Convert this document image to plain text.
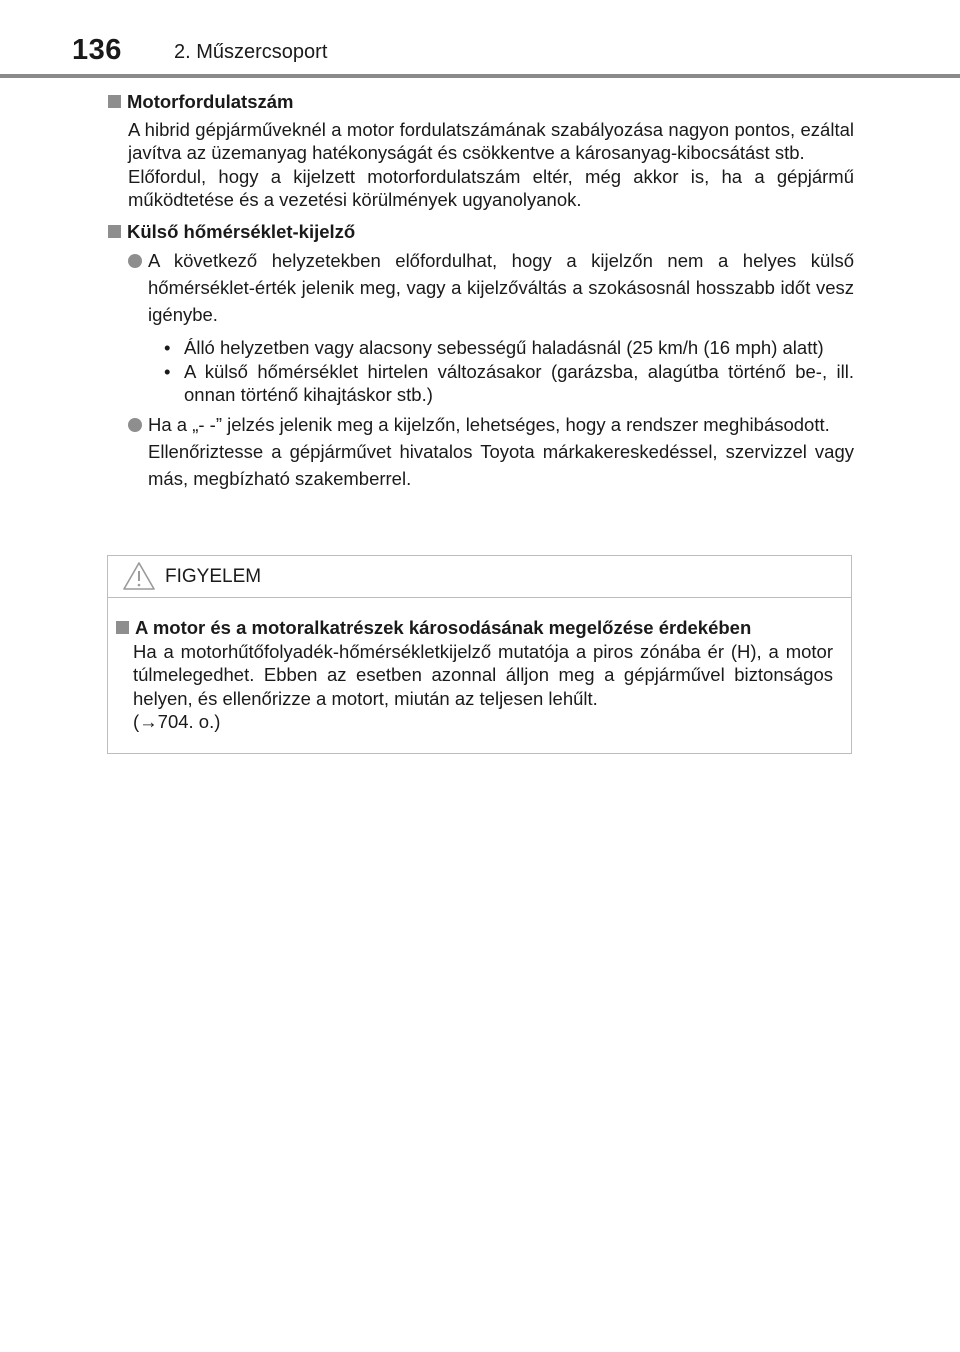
136	2. Műszercsoport
Motorfordulatszám
A hibrid gépjárműveknél a motor fordulatszámának szabályozása nagyon pontos, ezáltal javítva az üzemanyag hatékonyságát és csökkentve a károsanyag-kibocsátást stb.
Előfordul, hogy a kijelzett motorfordulatszám eltér, még akkor is, ha a gépjármű működtetése és a vezetési körülmények ugyanolyanok.
Külső hőmérséklet-kijelző
A következő helyzetekben előfordulhat, hogy a kijelzőn nem a helyes külső hőmérséklet-érték jelenik meg, vagy a kijelzőváltás a szokásosnál hosszabb időt vesz igénybe.
• Álló helyzetben vagy alacsony sebességű haladásnál (25 km/h (16 mph) alatt)
• A külső hőmérséklet hirtelen változásakor (garázsba, alagútba történő be-, ill. onnan történő kihajtáskor stb.)
Ha a „- -” jelzés jelenik meg a kijelzőn, lehetséges, hogy a rendszer meghibásodott.
Ellenőriztesse a gépjárművet hivatalos Toyota márkakereskedéssel, szervizzel vagy más, megbízható szakemberrel.
FIGYELEM
A motor és a motoralkatrészek károsodásának megelőzése érdekében
Ha a motorhűtőfolyadék-hőmérsékletkijelző mutatója a piros zónába ér (H), a motor túlmelegedhet. Ebben az esetben azonnal álljon meg a gépjárművel biztonságos helyen, és ellenőrizze a motort, miután az teljesen lehűlt.
(→704. o.)
